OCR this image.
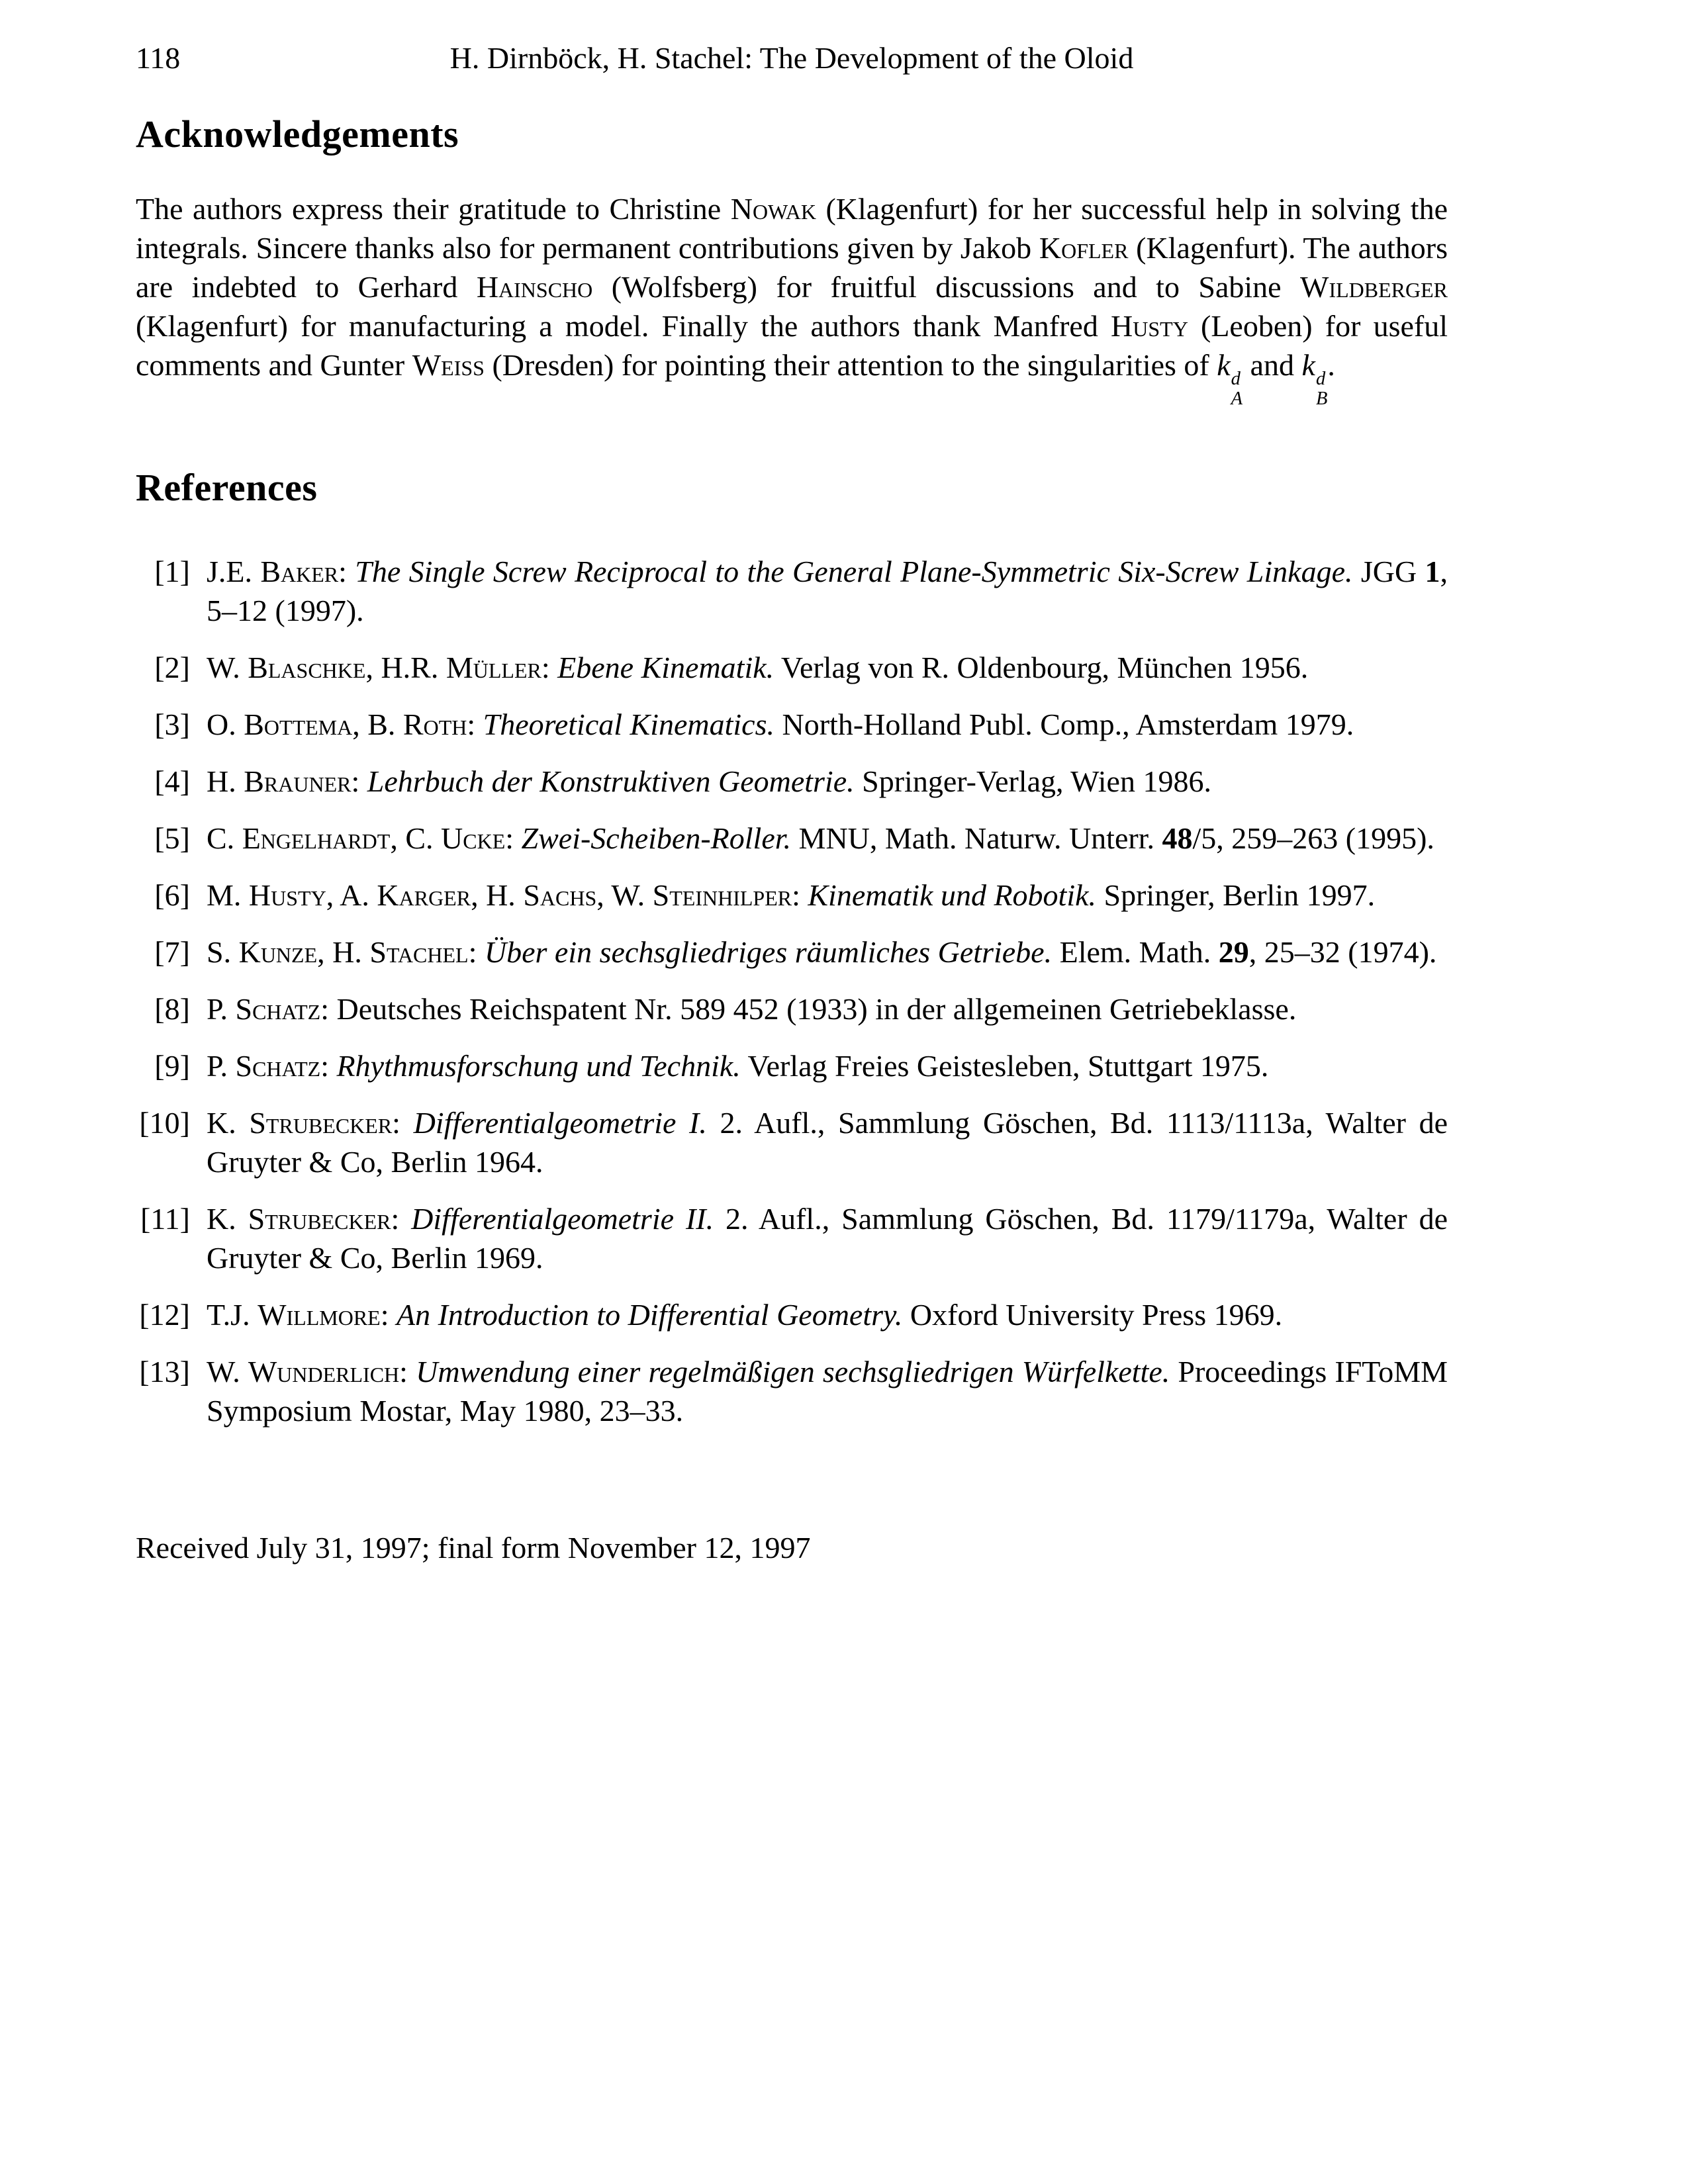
118	H. Dirnböck, H. Stachel: The Development of the Oloid
Acknowledgements

The authors express their gratitude to Christine Nowak (Klagenfurt) for her successful help in solving the integrals. Sincere thanks also for permanent contributions given by Jakob Kofler (Klagenfurt). The authors are indebted to Gerhard Hainscho (Wolfsberg) for fruitful discussions and to Sabine Wildberger (Klagenfurt) for manufacturing a model. Finally the authors thank Manfred Husty (Leoben) for useful comments and Gunter Weiss (Dresden) for pointing their attention to the singularities of k d
A
and k d
B
.

References
[1] J.E. Baker: The Single Screw Reciprocal to the General Plane-Symmetric Six-Screw Linkage. JGG 1, 5–12 (1997).
[2] W. Blaschke, H.R. Müller: Ebene Kinematik. Verlag von R. Oldenbourg, München 1956.
[3] O. Bottema, B. Roth: Theoretical Kinematics. North-Holland Publ. Comp., Amsterdam 1979.
[4] H. Brauner: Lehrbuch der Konstruktiven Geometrie. Springer-Verlag, Wien 1986.
[5] C. Engelhardt, C. Ucke: Zwei-Scheiben-Roller. MNU, Math. Naturw. Unterr. 48/5, 259–263 (1995).
[6] M. Husty, A. Karger, H. Sachs, W. Steinhilper: Kinematik und Robotik. Springer, Berlin 1997.
[7] S. Kunze, H. Stachel: Über ein sechsgliedriges räumliches Getriebe. Elem. Math. 29, 25–32 (1974).
[8] P. Schatz: Deutsches Reichspatent Nr. 589 452 (1933) in der allgemeinen Getriebeklasse.
[9] P. Schatz: Rhythmusforschung und Technik. Verlag Freies Geistesleben, Stuttgart 1975.
[10] K. Strubecker: Differentialgeometrie I. 2. Aufl., Sammlung Göschen, Bd. 1113/1113a, Walter de Gruyter & Co, Berlin 1964.
[11] K. Strubecker: Differentialgeometrie II. 2. Aufl., Sammlung Göschen, Bd. 1179/1179a, Walter de Gruyter & Co, Berlin 1969.
[12] T.J. Willmore: An Introduction to Differential Geometry. Oxford University Press 1969.
[13] W. Wunderlich: Umwendung einer regelmäßigen sechsgliedrigen Würfelkette. Proceedings IFToMM Symposium Mostar, May 1980, 23–33.
Received July 31, 1997; final form November 12, 1997
